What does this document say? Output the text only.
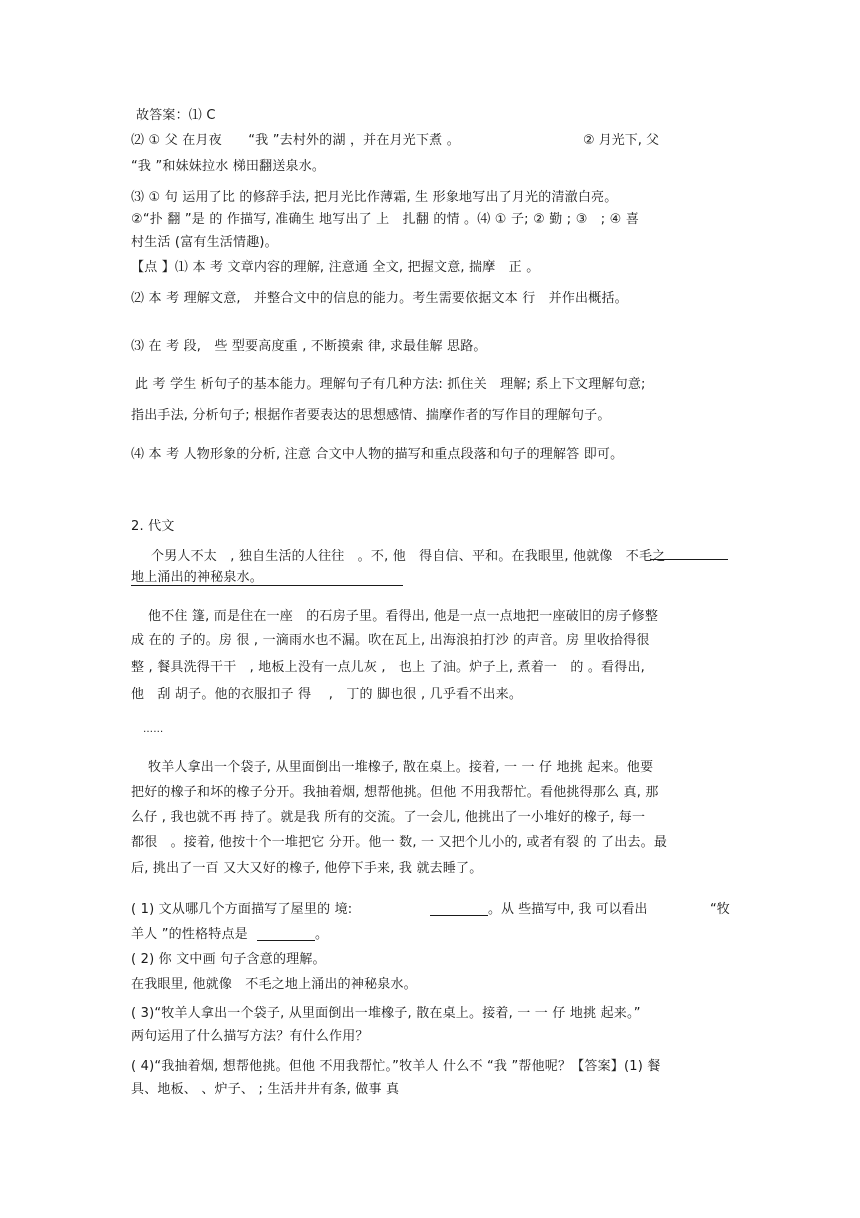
故答案：⑴ C
⑵ ① 父 在月夜　　“我 ”去村外的湖 ，并在月光下煮 。	② 月光下, 父
“我 ”和妹妹拉水 梯田翻送泉水。
⑶ ① 句 运用了比 的修辞手法, 把月光比作薄霜, 生 形象地写出了月光的清澈白亮。
②“扑 翻 ”是 的 作描写, 准确生 地写出了 上　扎翻 的情 。⑷ ① 子; ② 勤 ; ③　; ④ 喜
村生活 (富有生活情趣)。
【点 】⑴ 本 考 文章内容的理解, 注意通 全文, 把握文意, 揣摩　正 。
⑵ 本 考 理解文意,　并整合文中的信息的能力。考生需要依据文本 行　并作出概括。
⑶ 在 考 段,　些 型要高度重 , 不断摸索 律, 求最佳解 思路。
此 考 学生 析句子的基本能力。理解句子有几种方法: 抓住关　理解; 系上下文理解句意;
指出手法, 分析句子; 根据作者要表达的思想感情、揣摩作者的写作目的理解句子。
⑷ 本 考 人物形象的分析, 注意 合文中人物的描写和重点段落和句子的理解答 即可。
2. 代文
个男人不太　, 独自生活的人往往　。不, 他　得自信、平和。在我眼里, 他就像　不毛之
地上涌出的神秘泉水。
他不住 篷, 而是住在一座　的石房子里。看得出, 他是一点一点地把一座破旧的房子修整
成 在的 子的。房 很 , 一滴雨水也不漏。吹在瓦上, 出海浪拍打沙 的声音。房 里收拾得很
整 , 餐具洗得干干　, 地板上没有一点儿灰 ,　也上 了油。炉子上, 煮着一　的 。看得出,
他　刮 胡子。他的衣服扣子 得　 ,　丁的 脚也很 , 几乎看不出来。
……
牧羊人拿出一个袋子, 从里面倒出一堆橡子, 散在桌上。接着, 一 一 仔 地挑 起来。他要
把好的橡子和坏的橡子分开。我抽着烟, 想帮他挑。但他 不用我帮忙。看他挑得那么 真, 那
么仔 , 我也就不再 持了。就是我 所有的交流。了一会儿, 他挑出了一小堆好的橡子, 每一
都很　。接着, 他按十个一堆把它 分开。他一 数, 一 又把个儿小的, 或者有裂 的 了出去。最
后, 挑出了一百 又大又好的橡子, 他停下手来, 我 就去睡了。
( 1) 文从哪几个方面描写了屋里的 境:	。从 些描写中, 我 可以看出	“牧
羊人 ”的性格特点是	。
( 2) 你 文中画 句子含意的理解。
在我眼里, 他就像　不毛之地上涌出的神秘泉水。
( 3)“牧羊人拿出一个袋子, 从里面倒出一堆橡子, 散在桌上。接着, 一 一 仔 地挑 起来。”
两句运用了什么描写方法？有什么作用？
( 4)“我抽着烟, 想帮他挑。但他 不用我帮忙。”牧羊人 什么不 “我 ”帮他呢？【答案】(1) 餐
具、地板、 、炉子、 ; 生活井井有条, 做事 真
